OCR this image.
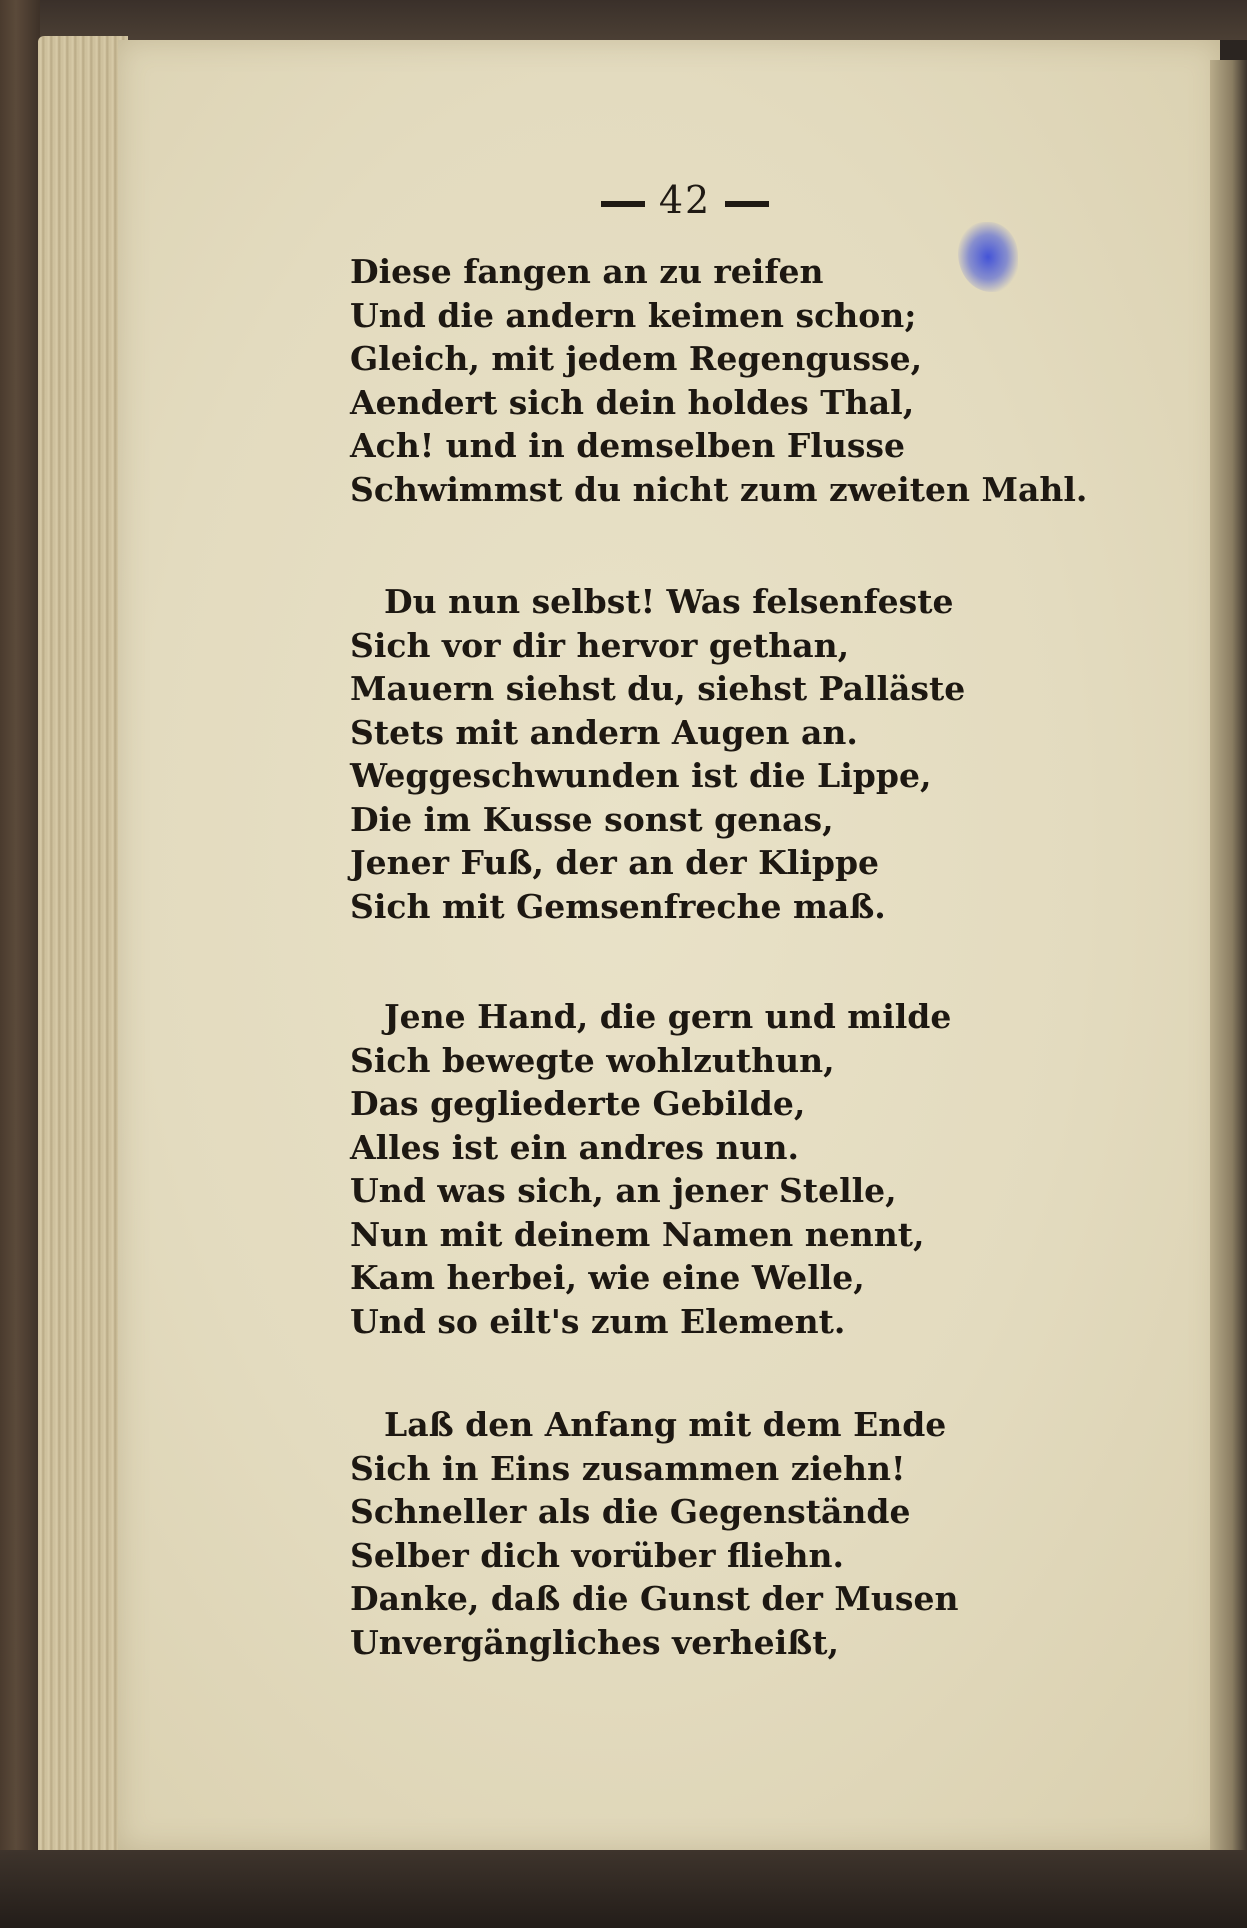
42
Diese fangen an zu reifen
Und die andern keimen schon;
Gleich, mit jedem Regengusse,
Aendert sich dein holdes Thal,
Ach! und in demselben Flusse
Schwimmst du nicht zum zweiten Mahl.
Du nun selbst! Was felsenfeste
Sich vor dir hervor gethan,
Mauern siehst du, siehst Palläste
Stets mit andern Augen an.
Weggeschwunden ist die Lippe,
Die im Kusse sonst genas,
Jener Fuß, der an der Klippe
Sich mit Gemsenfreche maß.
Jene Hand, die gern und milde
Sich bewegte wohlzuthun,
Das gegliederte Gebilde,
Alles ist ein andres nun.
Und was sich, an jener Stelle,
Nun mit deinem Namen nennt,
Kam herbei, wie eine Welle,
Und so eilt's zum Element.
Laß den Anfang mit dem Ende
Sich in Eins zusammen ziehn!
Schneller als die Gegenstände
Selber dich vorüber fliehn.
Danke, daß die Gunst der Musen
Unvergängliches verheißt,
